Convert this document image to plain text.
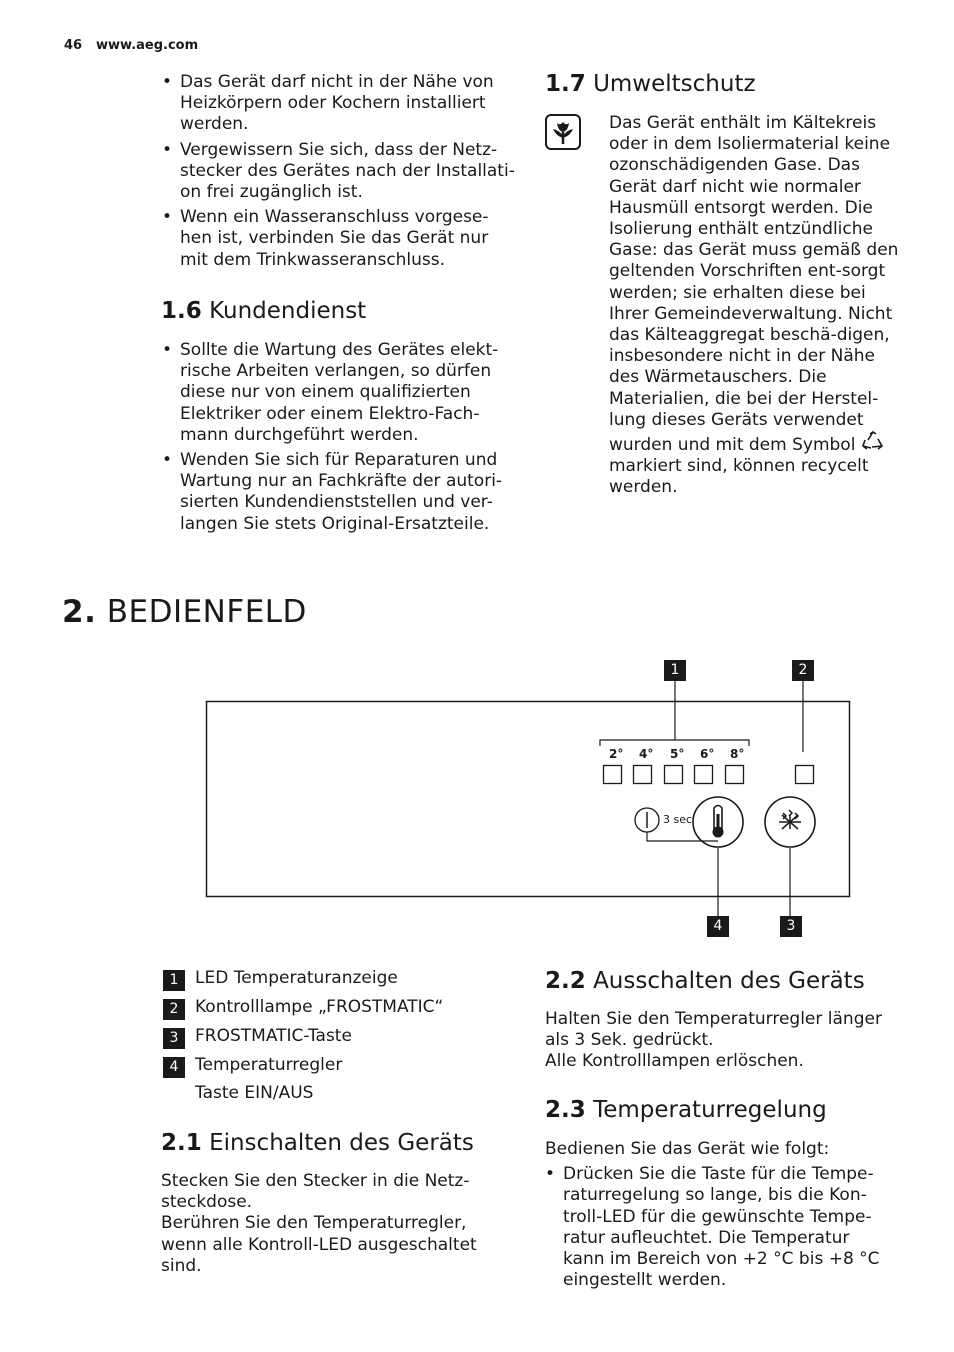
46 www.aeg.com
• Das Gerät darf nicht in der Nähe von Heizkörpern oder Kochern installiert werden.
• Vergewissern Sie sich, dass der Netz-stecker des Gerätes nach der Installati-on frei zugänglich ist.
• Wenn ein Wasseranschluss vorgese-hen ist, verbinden Sie das Gerät nur mit dem Trinkwasseranschluss.
1.6 Kundendienst
• Sollte die Wartung des Gerätes elekt-rische Arbeiten verlangen, so dürfen diese nur von einem qualifizierten Elektriker oder einem Elektro-Fach-mann durchgeführt werden.
• Wenden Sie sich für Reparaturen und Wartung nur an Fachkräfte der autori-sierten Kundendienststellen und ver-langen Sie stets Original-Ersatzteile.
1.7 Umweltschutz
Das Gerät enthält im Kältekreis oder in dem Isoliermaterial keine ozonschädigenden Gase. Das Gerät darf nicht wie normaler Hausmüll entsorgt werden. Die Isolierung enthält entzündliche Gase: das Gerät muss gemäß den geltenden Vorschriften ent-sorgt werden; sie erhalten diese bei Ihrer Gemeindeverwaltung. Nicht das Kälteaggregat beschä-digen, insbesondere nicht in der Nähe des Wärmetauschers. Die Materialien, die bei der Herstel-lung dieses Geräts verwendet wurden und mit dem Symbol  markiert sind, können recycelt werden.
2. BEDIENFELD
2° 4° 5° 6° 8°
3 sec
1	2
4	3
1 LED Temperaturanzeige
2 Kontrolllampe „FROSTMATIC“
3 FROSTMATIC-Taste
4 Temperaturregler
Taste EIN/AUS
2.1 Einschalten des Geräts

Stecken Sie den Stecker in die Netz-steckdose.

Berühren Sie den Temperaturregler, wenn alle Kontroll-LED ausgeschaltet sind.

2.2 Ausschalten des Geräts

Halten Sie den Temperaturregler länger als 3 Sek. gedrückt.

Alle Kontrolllampen erlöschen.

2.3 Temperaturregelung

Bedienen Sie das Gerät wie folgt:

• Drücken Sie die Taste für die Tempe-raturregelung so lange, bis die Kon-troll-LED für die gewünschte Tempe-ratur aufleuchtet. Die Temperatur kann im Bereich von +2 °C bis +8 °C eingestellt werden.
